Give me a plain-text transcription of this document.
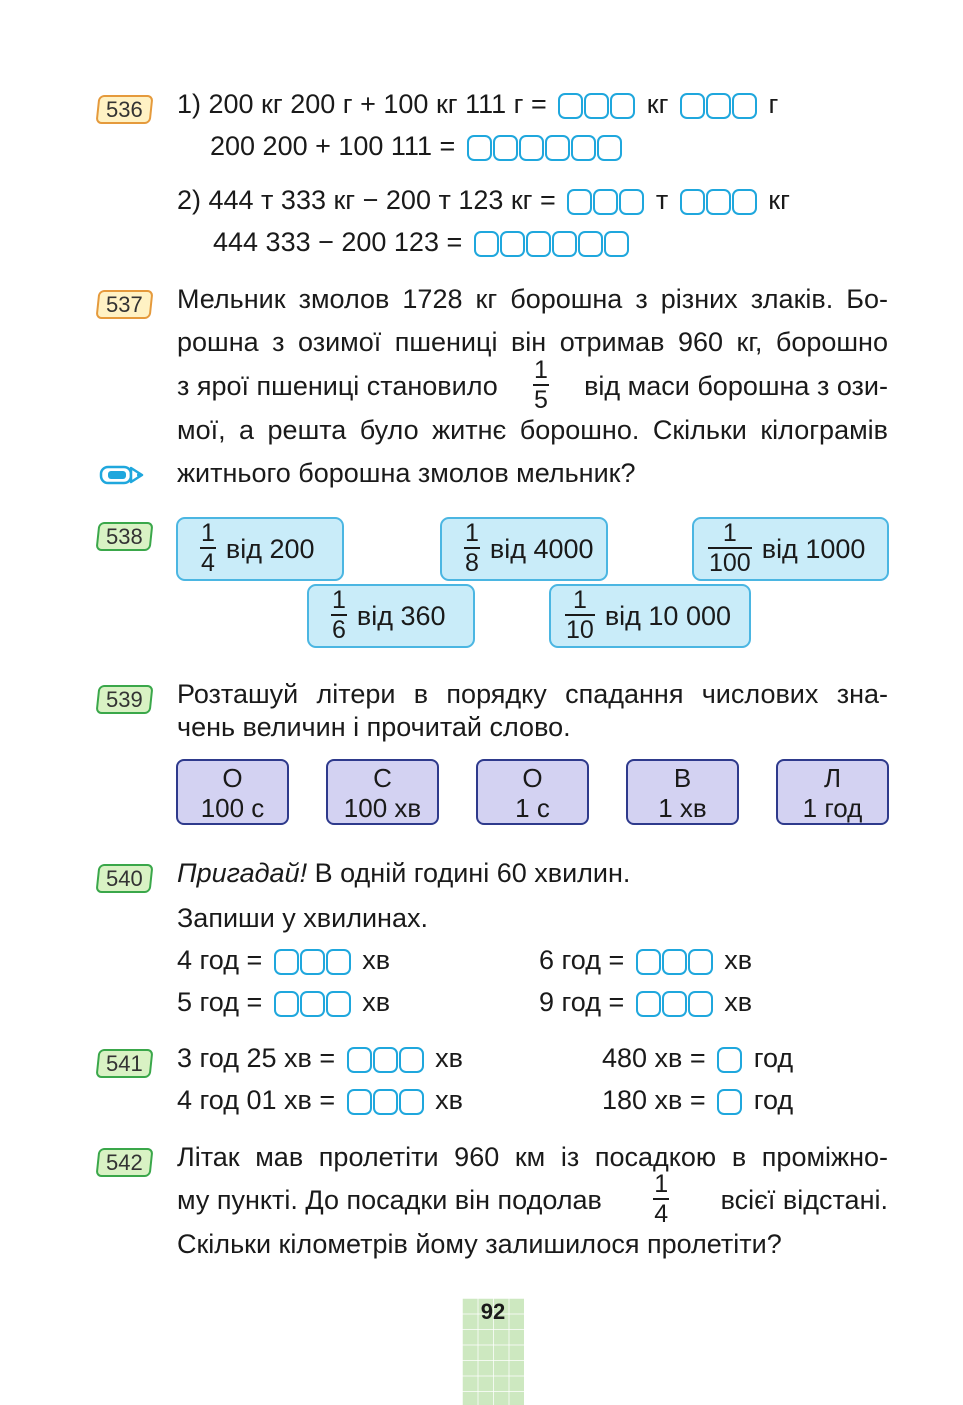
536	1) 200 кг 200 г + 100 кг 111 г =	кг	г
200 200 + 100 111 =
2) 444 т 333 кг − 200 т 123 кг =	т	кг
444 333 − 200 123 =
537	Мельник змолов 1728 кг борошна з різних злаків. Бо-
рошна з озимої пшениці він отримав 960 кг, борошно
з ярої пшениці становило $\frac{1}{5}$ від маси борошна з ози-
мої, а решта було житнє борошно. Скільки кілограмів
житнього борошна змолов мельник?
538	$\frac{1}{4}$ від 200	$\frac{1}{8}$ від 4000	$\frac{1}{100}$ від 1000
$\frac{1}{6}$ від 360	$\frac{1}{10}$ від 10 000
539	Розташуй літери в порядку спадання числових зна-
чень величин і прочитай слово.
О
100 с
С
100 хв
О
1 с
В
1 хв
Л
1 год
540	Пригадай! В одній годині 60 хвилин.
Запиши у хвилинах.
4 год =	хв	6 год =	хв
5 год =	хв	9 год =	хв
541	3 год 25 хв =	хв	480 хв = год
4 год 01 хв =	хв	180 хв = год
542	Літак мав пролетіти 960 км із посадкою в проміжно-
му пункті. До посадки він подолав $\frac{1}{4}$ всієї відстані.
Скільки кілометрів йому залишилося пролетіти?
92
